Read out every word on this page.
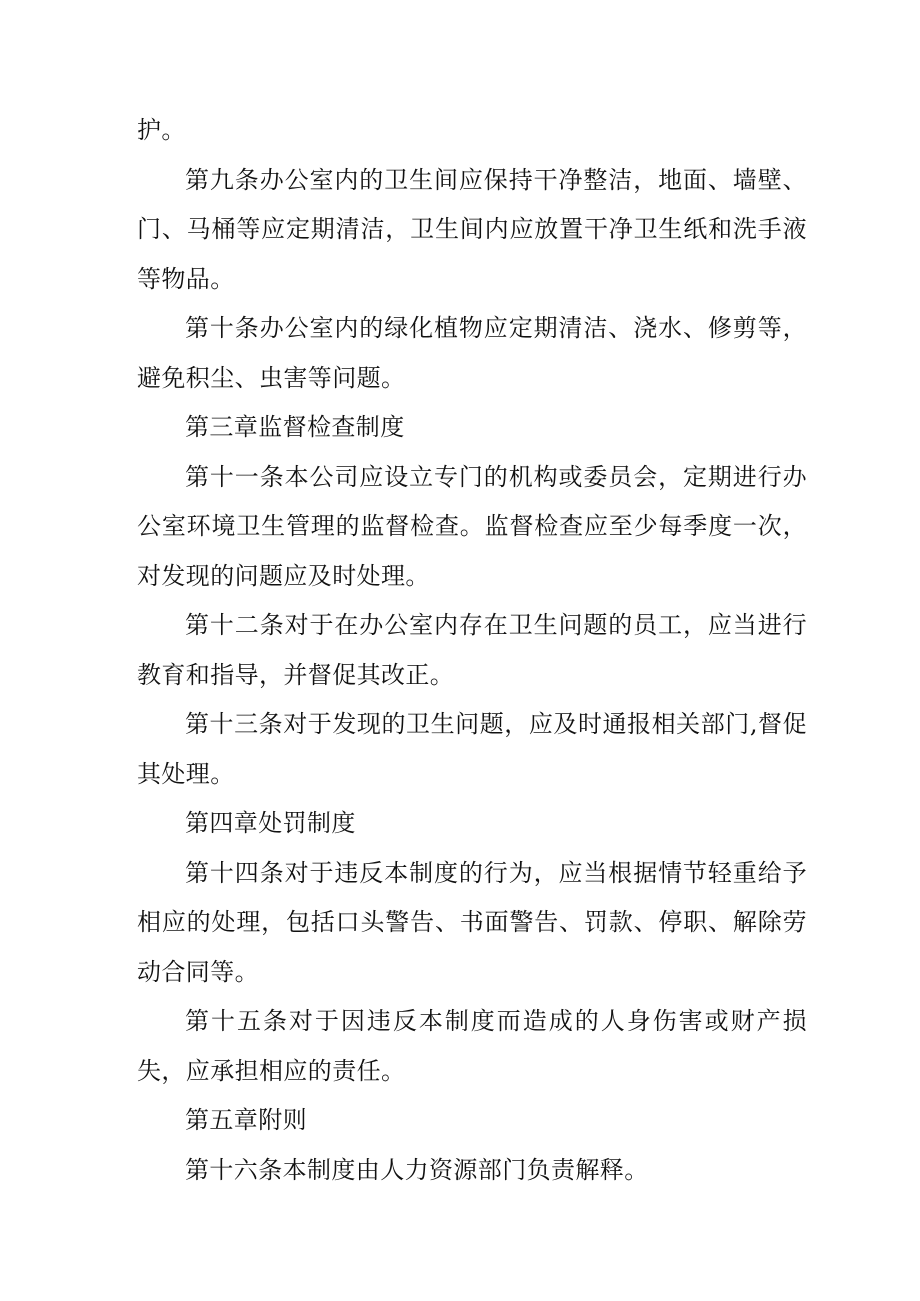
护。

第九条办公室内的卫生间应保持干净整洁，地面、墙壁、门、马桶等应定期清洁，卫生间内应放置干净卫生纸和洗手液等物品。

第十条办公室内的绿化植物应定期清洁、浇水、修剪等，避免积尘、虫害等问题。

第三章监督检查制度

第十一条本公司应设立专门的机构或委员会，定期进行办公室环境卫生管理的监督检查。监督检查应至少每季度一次，对发现的问题应及时处理。

第十二条对于在办公室内存在卫生问题的员工，应当进行教育和指导，并督促其改正。

第十三条对于发现的卫生问题，应及时通报相关部门,督促其处理。

第四章处罚制度

第十四条对于违反本制度的行为，应当根据情节轻重给予相应的处理，包括口头警告、书面警告、罚款、停职、解除劳动合同等。

第十五条对于因违反本制度而造成的人身伤害或财产损失，应承担相应的责任。

第五章附则

第十六条本制度由人力资源部门负责解释。
